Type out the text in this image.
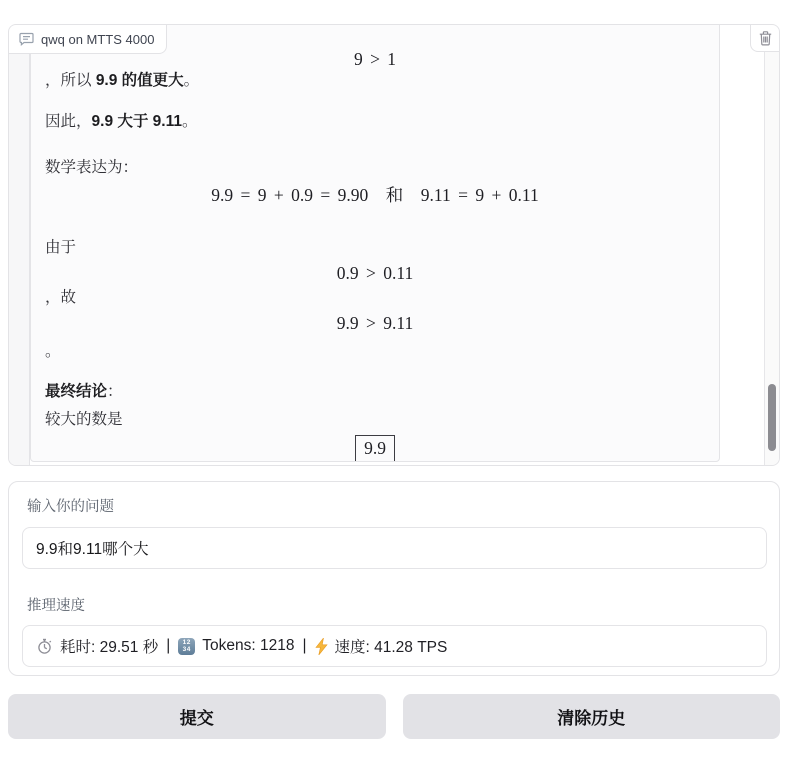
9 > 1
，所以 9.9 的值更大。
因此，9.9 大于 9.11。
数学表达为：
9.9 = 9 + 0.9 = 9.90 和 9.11 = 9 + 0.11
由于
0.9 > 0.11
，故
9.9 > 9.11
。
最终结论：
较大的数是
9.9
qwq on MTTS 4000
输入你的问题
9.9和9.11哪个大
推理速度
耗时: 29.51 秒 | 12
34 Tokens: 1218 | 速度: 41.28 TPS
提交	清除历史
